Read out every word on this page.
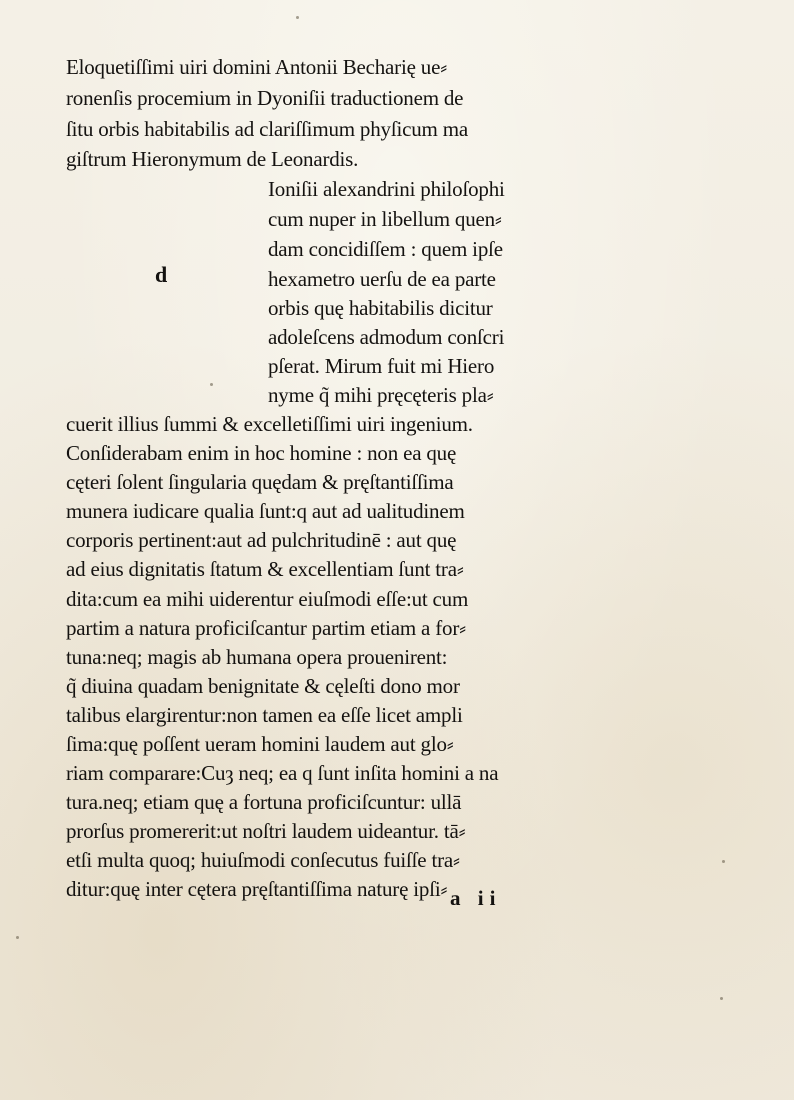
Eloquetiſſimi uiri domini Antonii Becharię ue⸗
ronenſis procemium in Dyoniſii traductionem de
ſitu orbis habitabilis ad clariſſimum phyſicum ma
giſtrum Hieronymum de Leonardis.
Ioniſii alexandrini philoſophi
cum nuper in libellum quen⸗
dam concidiſſem : quem ipſe
hexametro uerſu de ea parte
orbis quę habitabilis dicitur
adoleſcens admodum conſcri
pſerat. Mirum fuit mi Hiero
nyme q̃ mihi pręcęteris pla⸗
cuerit illius ſummi & excelletiſſimi uiri ingenium.
Conſiderabam enim in hoc homine : non ea quę
cęteri ſolent ſingularia quędam & pręſtantiſſima
munera iudicare qualia ſunt:q aut ad ualitudinem
corporis pertinent:aut ad pulchritudinē : aut quę
ad eius dignitatis ſtatum & excellentiam ſunt tra⸗
dita:cum ea mihi uiderentur eiuſmodi eſſe:ut cum
partim a natura proficiſcantur partim etiam a for⸗
tuna:neq; magis ab humana opera prouenirent:
q̃ diuina quadam benignitate & cęleſti dono mor
talibus elargirentur:non tamen ea eſſe licet ampli
ſima:quę poſſent ueram homini laudem aut glo⸗
riam comparare:Cuȝ neq; ea q ſunt inſita homini a na
tura.neq; etiam quę a fortuna proficiſcuntur: ullā
prorſus promererit:ut noſtri laudem uideantur. tā⸗
etſi multa quoq; huiuſmodi conſecutus fuiſſe tra⸗
ditur:quę inter cętera pręſtantiſſima naturę ipſi⸗
d
a ii
